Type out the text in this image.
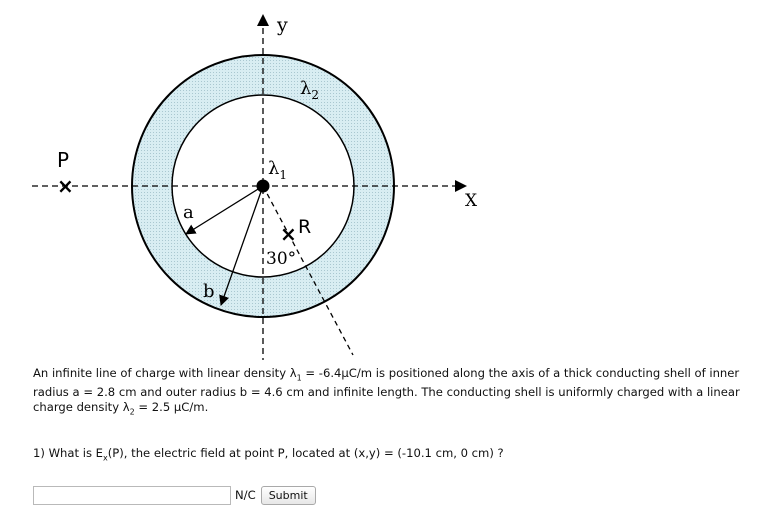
y
X
$\lambda_2$
$\lambda_1$
a
b
30°
× R
P
×
An infinite line of charge with linear density $\lambda_1 = -6.4\mu C/m$ is positioned along the axis of a thick conducting shell of inner radius a = 2.8 cm and outer radius b = 4.6 cm and infinite length. The conducting shell is uniformly charged with a linear charge density $\lambda_2 = 2.5$ μC/m.
1) What is $E_x(P)$, the electric field at point P, located at (x,y) = (-10.1 cm, 0 cm) ?
N/C	Submit
